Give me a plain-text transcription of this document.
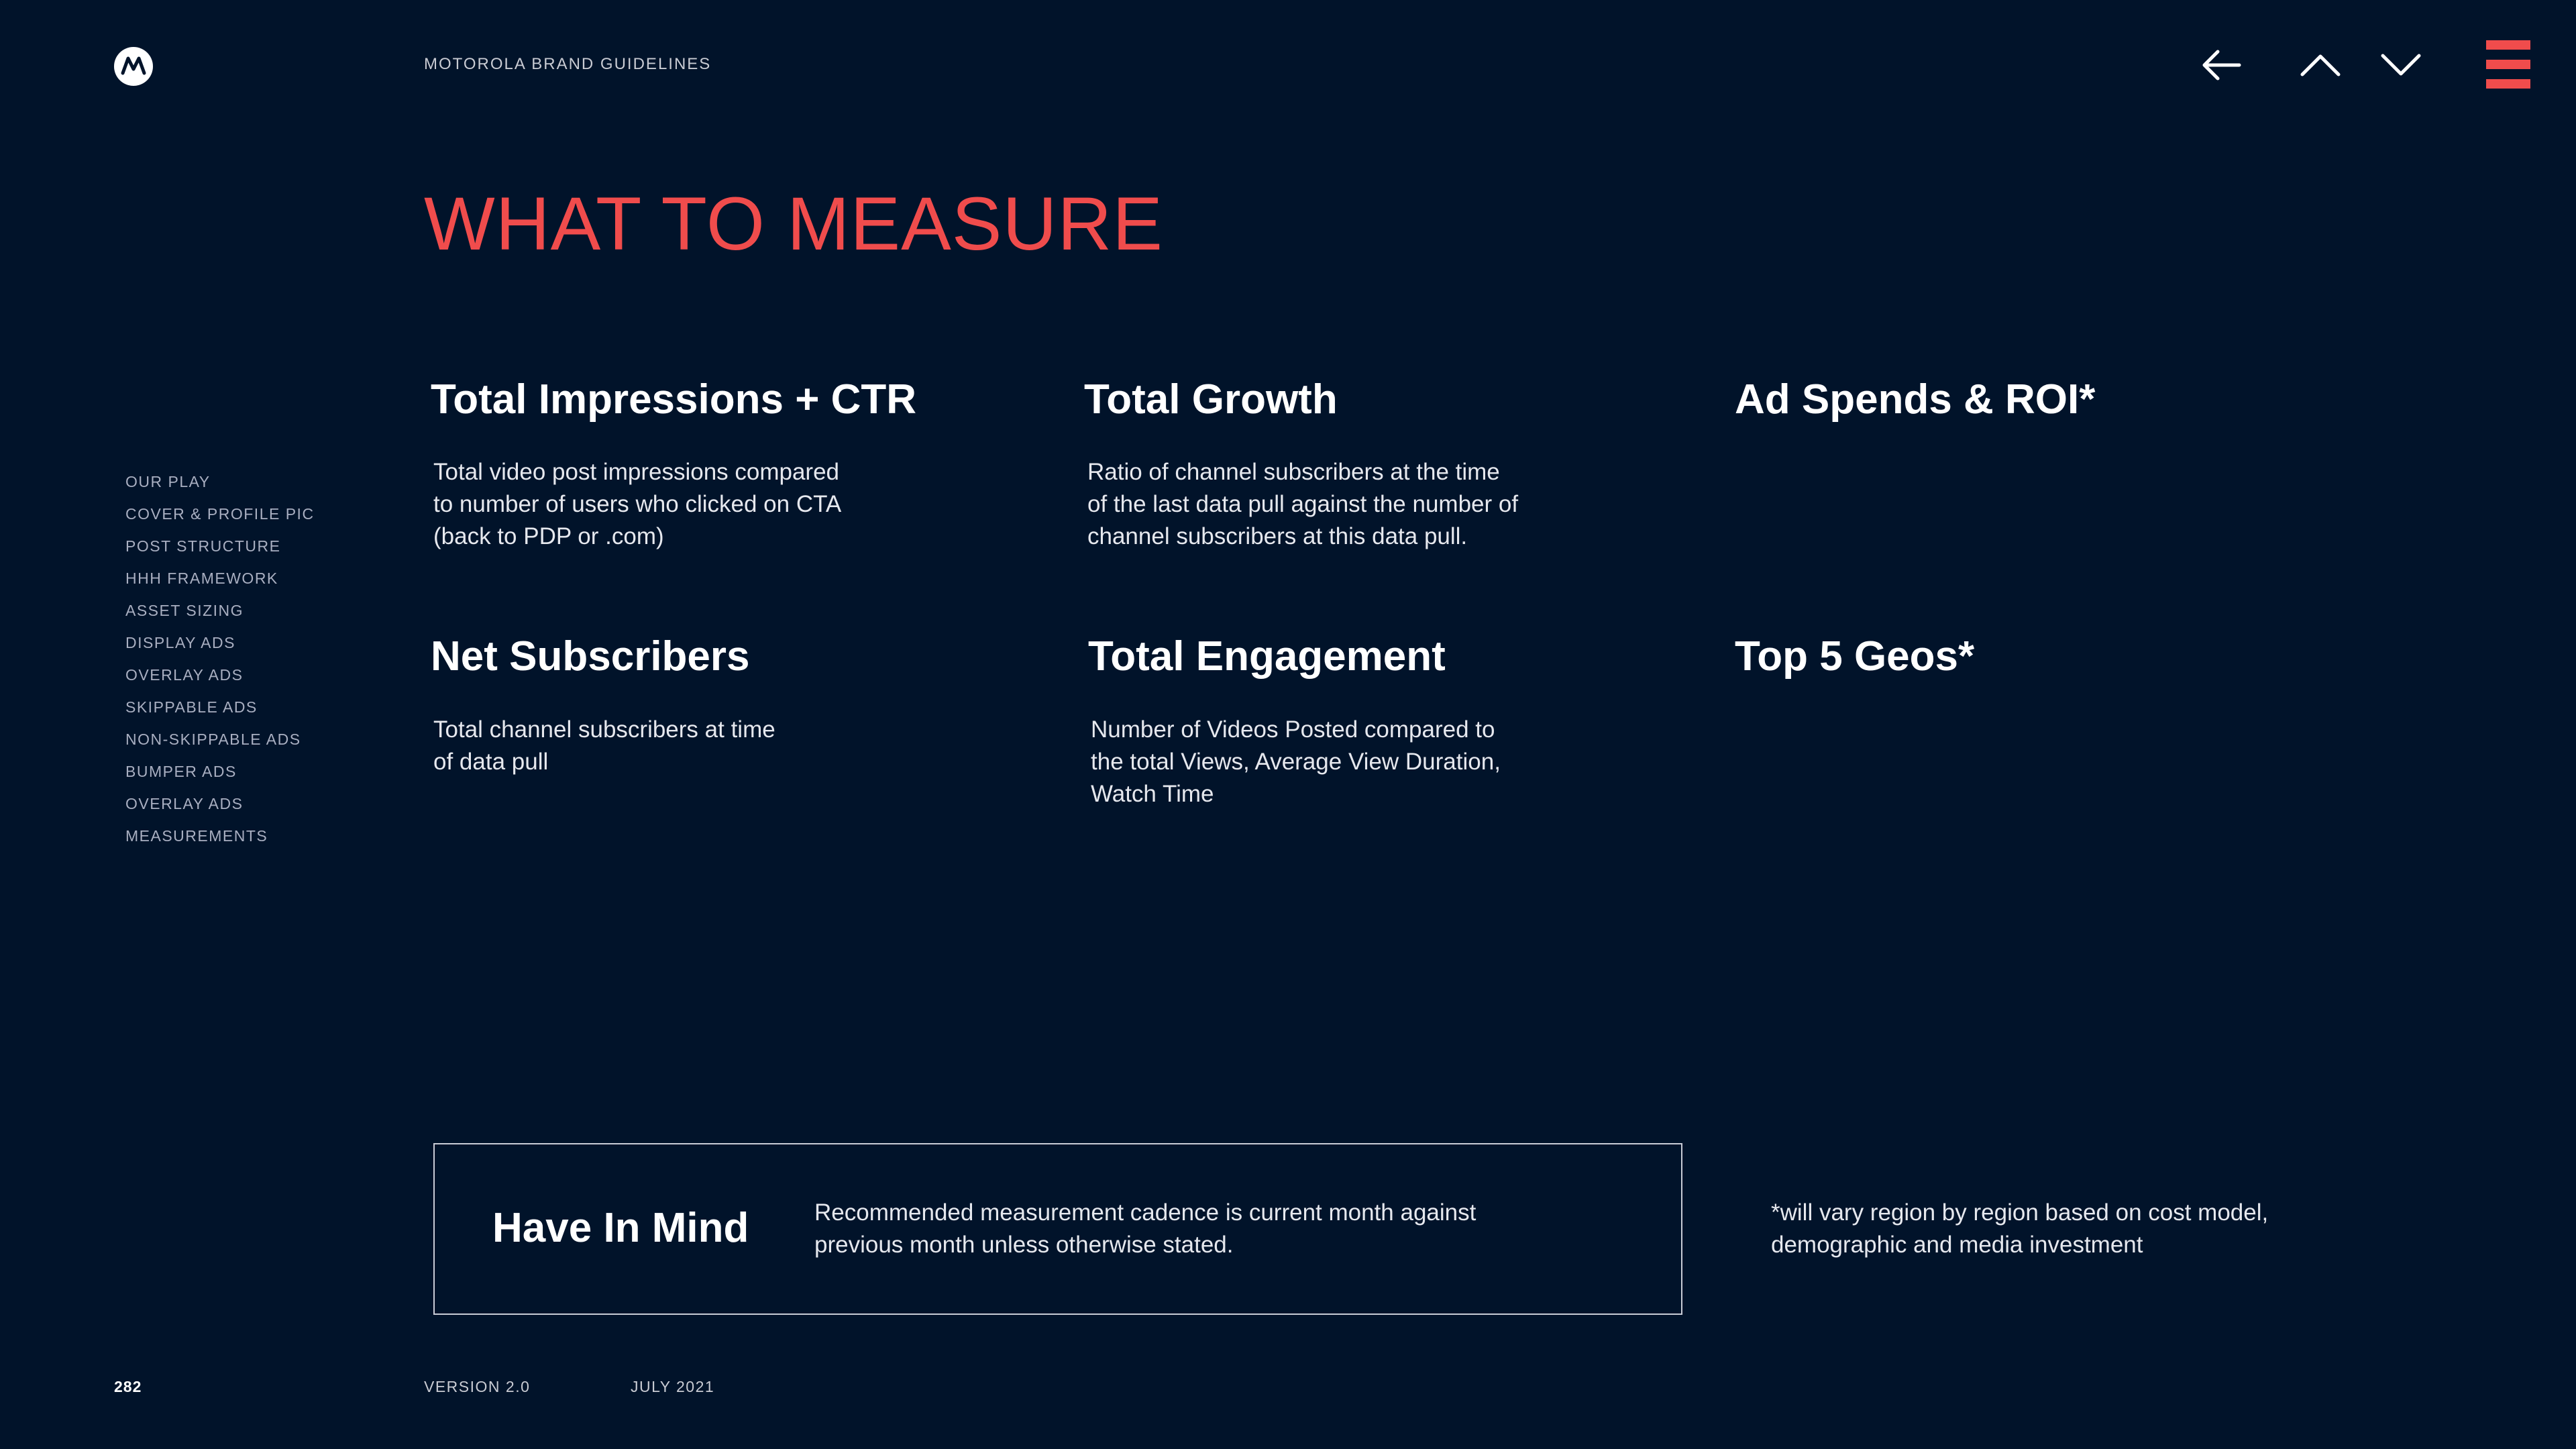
MOTOROLA BRAND GUIDELINES
WHAT TO MEASURE
OUR PLAY
COVER & PROFILE PIC
POST STRUCTURE
HHH FRAMEWORK
ASSET SIZING
DISPLAY ADS
OVERLAY ADS
SKIPPABLE ADS
NON-SKIPPABLE ADS
BUMPER ADS
OVERLAY ADS
MEASUREMENTS
Total Impressions + CTR
Total video post impressions compared
to number of users who clicked on CTA
(back to PDP or .com)
Total Growth
Ratio of channel subscribers at the time
of the last data pull against the number of
channel subscribers at this data pull.
Ad Spends & ROI*
Net Subscribers
Total channel subscribers at time
of data pull
Total Engagement
Number of Videos Posted compared to
the total Views, Average View Duration,
Watch Time
Top 5 Geos*
Have In Mind	Recommended measurement cadence is current month against
previous month unless otherwise stated.
*will vary region by region based on cost model,
demographic and media investment
282	VERSION 2.0	JULY 2021
